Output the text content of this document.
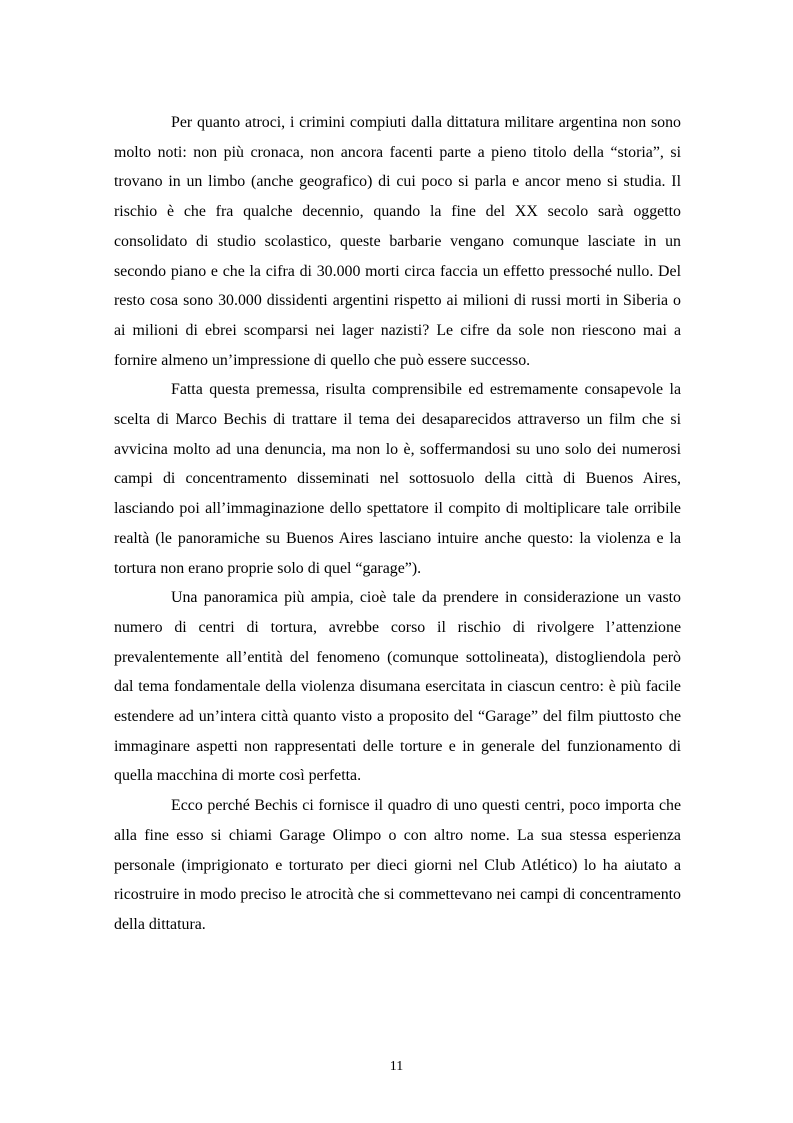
Per quanto atroci, i crimini compiuti dalla dittatura militare argentina non sono molto noti: non più cronaca, non ancora facenti parte a pieno titolo della “storia”, si trovano in un limbo (anche geografico) di cui poco si parla e ancor meno si studia. Il rischio è che fra qualche decennio, quando la fine del XX secolo sarà oggetto consolidato di studio scolastico, queste barbarie vengano comunque lasciate in un secondo piano e che la cifra di 30.000 morti circa faccia un effetto pressoché nullo. Del resto cosa sono 30.000 dissidenti argentini rispetto ai milioni di russi morti in Siberia o ai milioni di ebrei scomparsi nei lager nazisti? Le cifre da sole non riescono mai a fornire almeno un’impressione di quello che può essere successo.

Fatta questa premessa, risulta comprensibile ed estremamente consapevole la scelta di Marco Bechis di trattare il tema dei desaparecidos attraverso un film che si avvicina molto ad una denuncia, ma non lo è, soffermandosi su uno solo dei numerosi campi di concentramento disseminati nel sottosuolo della città di Buenos Aires, lasciando poi all’immaginazione dello spettatore il compito di moltiplicare tale orribile realtà (le panoramiche su Buenos Aires lasciano intuire anche questo: la violenza e la tortura non erano proprie solo di quel “garage”).

Una panoramica più ampia, cioè tale da prendere in considerazione un vasto numero di centri di tortura, avrebbe corso il rischio di rivolgere l’attenzione prevalentemente all’entità del fenomeno (comunque sottolineata), distogliendola però dal tema fondamentale della violenza disumana esercitata in ciascun centro: è più facile estendere ad un’intera città quanto visto a proposito del “Garage” del film piuttosto che immaginare aspetti non rappresentati delle torture e in generale del funzionamento di quella macchina di morte così perfetta.

Ecco perché Bechis ci fornisce il quadro di uno questi centri, poco importa che alla fine esso si chiami Garage Olimpo o con altro nome. La sua stessa esperienza personale (imprigionato e torturato per dieci giorni nel Club Atlético) lo ha aiutato a ricostruire in modo preciso le atrocità che si commettevano nei campi di concentramento della dittatura.

11
